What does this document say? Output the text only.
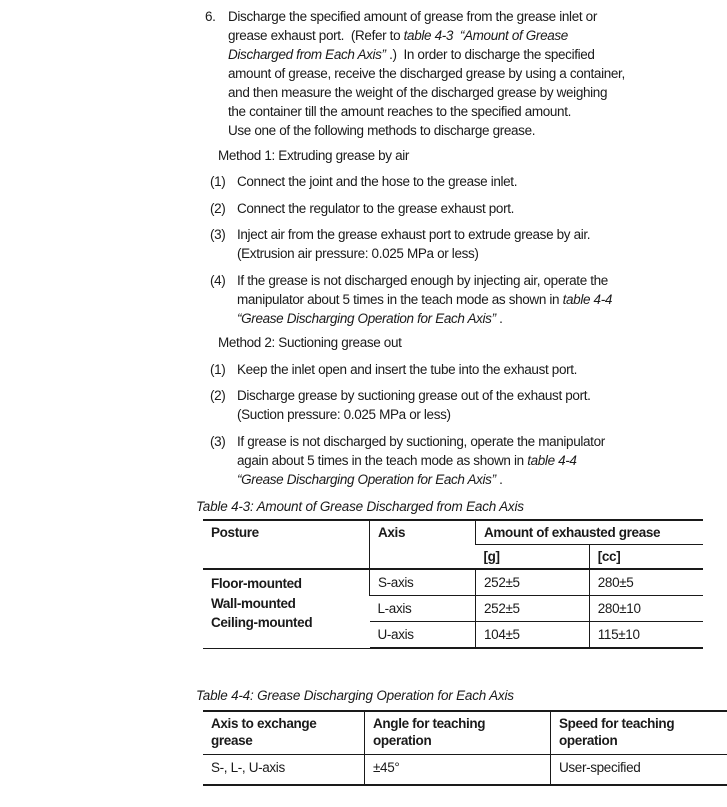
6. Discharge the specified amount of grease from the grease inlet or
grease exhaust port.  (Refer to table 4-3  “Amount of Grease
Discharged from Each Axis” .)  In order to discharge the specified
amount of grease, receive the discharged grease by using a container,
and then measure the weight of the discharged grease by weighing
the container till the amount reaches to the specified amount.
Use one of the following methods to discharge grease.
Method 1: Extruding grease by air
(1) Connect the joint and the hose to the grease inlet.
(2) Connect the regulator to the grease exhaust port.
(3) Inject air from the grease exhaust port to extrude grease by air.
(Extrusion air pressure: 0.025 MPa or less)
(4) If the grease is not discharged enough by injecting air, operate the
manipulator about 5 times in the teach mode as shown in table 4-4
“Grease Discharging Operation for Each Axis” .
Method 2: Suctioning grease out
(1) Keep the inlet open and insert the tube into the exhaust port.
(2) Discharge grease by suctioning grease out of the exhaust port.
(Suction pressure: 0.025 MPa or less)
(3) If grease is not discharged by suctioning, operate the manipulator
again about 5 times in the teach mode as shown in table 4-4
“Grease Discharging Operation for Each Axis” .
Table 4-3: Amount of Grease Discharged from Each Axis
Posture	Axis	Amount of exhausted grease	
		[g]	[cc]

Floor-mounted
Wall-mounted
Ceiling-mounted	S-axis	252±5	280±5
	L-axis	252±5	280±10
	U-axis	104±5	115±10
Table 4-4: Grease Discharging Operation for Each Axis
Axis to exchange grease	Angle for teaching operation	Speed for teaching operation
S-, L-, U-axis	±45°	User-specified
